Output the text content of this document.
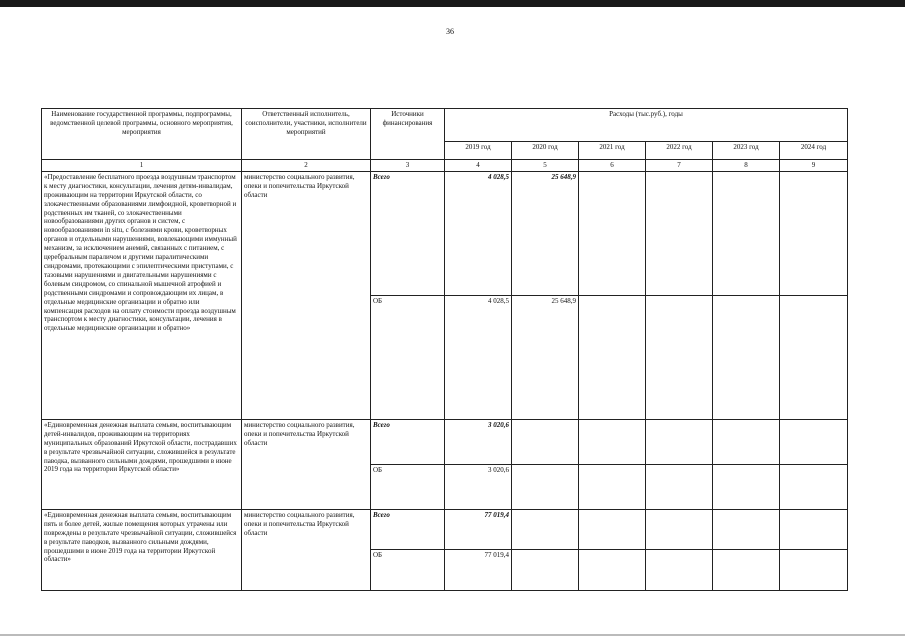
36
Наименование государственной программы, подпрограммы, ведомственной целевой программы, основного мероприятия, мероприятия	Ответственный исполнитель, соисполнители, участники, исполнители мероприятий	Источники финансирования	Расходы (тыс.руб.), годы					
			2019 год	2020 год	2021 год	2022 год	2023 год	2024 год
1	2	3	4	5	6	7	8	9
«Предоставление бесплатного проезда воздушным транспортом к месту диагностики, консультации, лечения детям-инвалидам, проживающим на территории Иркутской области, со злокачественными образованиями лимфоидной, кроветворной и родственных им тканей, со злокачественными новообразованиями других органов и систем, с новообразованиями in situ, с болезнями крови, кроветворных органов и отдельными нарушениями, вовлекающими иммунный механизм, за исключением анемий, связанных с питанием, с церебральным параличом и другими паралитическими синдромами, протекающими с эпилептическими приступами, с тазовыми нарушениями и двигательными нарушениями с болевым синдромом, со спинальной мышечной атрофией и родственными синдромами и сопровождающим их лицам, в отдельные медицинские организации и обратно или компенсация расходов на оплату стоимости проезда воздушным транспортом к месту диагностики, консультации, лечения в отдельные медицинские организации и обратно»	министерство социального развития, опеки и попечительства Иркутской области	Всего	4 028,5	25 648,9				
		ОБ	4 028,5	25 648,9				
«Единовременная денежная выплата семьям, воспитывающим детей-инвалидов, проживающим на территориях муниципальных образований Иркутской области, пострадавших в результате чрезвычайной ситуации, сложившейся в результате паводка, вызванного сильными дождями, прошедшими в июне 2019 года на территории Иркутской области»	министерство социального развития, опеки и попечительства Иркутской области	Всего	3 020,6					
		ОБ	3 020,6					
«Единовременная денежная выплата семьям, воспитывающим пять и более детей, жилые помещения которых утрачены или повреждены в результате чрезвычайной ситуации, сложившейся в результате паводков, вызванного сильными дождями, прошедшими в июне 2019 года на территории Иркутской области»	министерство социального развития, опеки и попечительства Иркутской области	Всего	77 019,4					
		ОБ	77 019,4					
